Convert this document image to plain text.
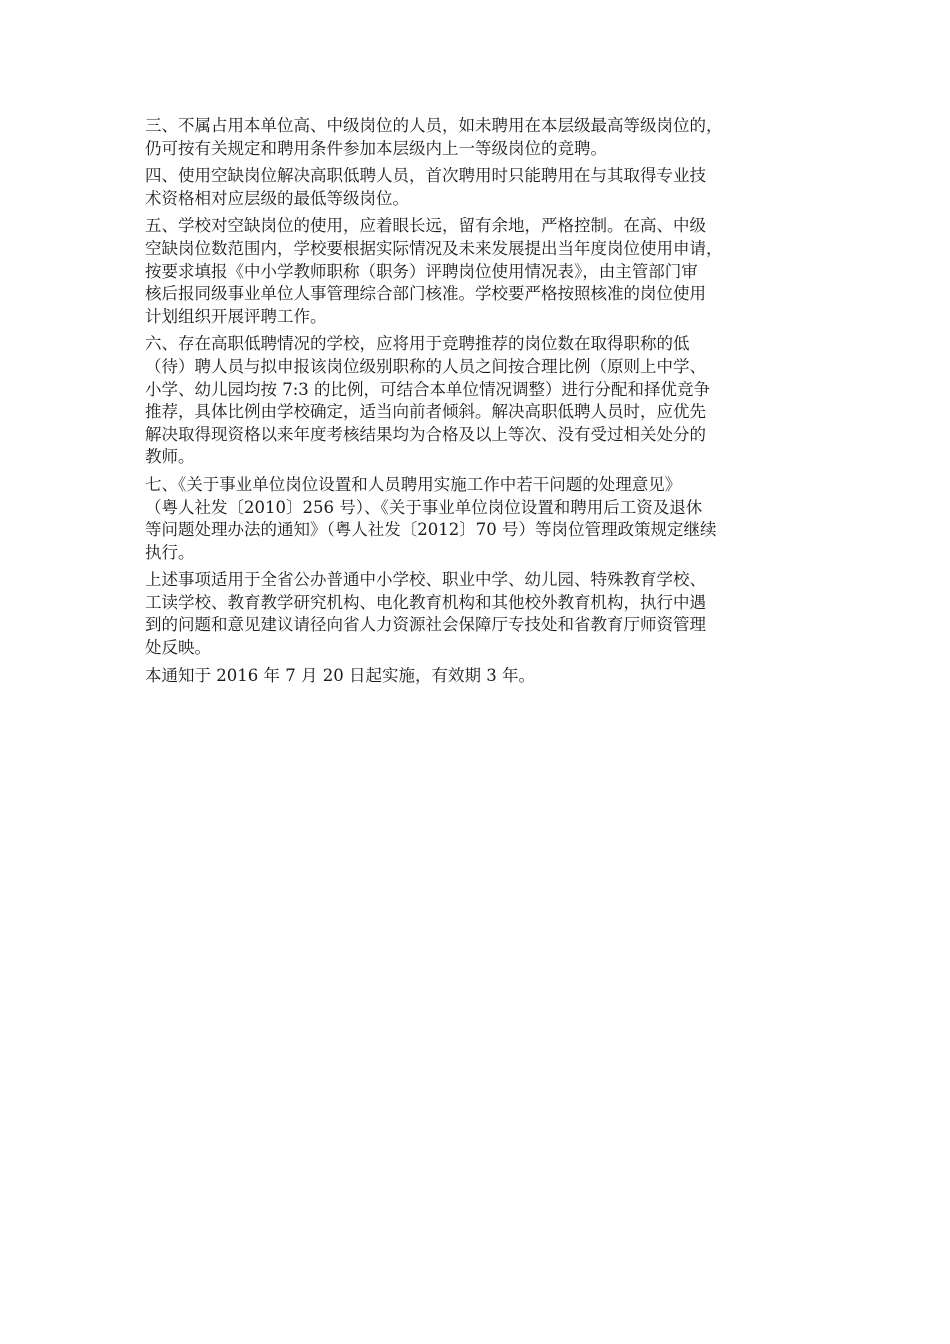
三、不属占用本单位高、中级岗位的人员，如未聘用在本层级最高等级岗位的，
仍可按有关规定和聘用条件参加本层级内上一等级岗位的竞聘。

四、使用空缺岗位解决高职低聘人员，首次聘用时只能聘用在与其取得专业技
术资格相对应层级的最低等级岗位。

五、学校对空缺岗位的使用，应着眼长远，留有余地，严格控制。在高、中级
空缺岗位数范围内，学校要根据实际情况及未来发展提出当年度岗位使用申请，
按要求填报《中小学教师职称（职务）评聘岗位使用情况表》，由主管部门审
核后报同级事业单位人事管理综合部门核准。学校要严格按照核准的岗位使用
计划组织开展评聘工作。

六、存在高职低聘情况的学校，应将用于竞聘推荐的岗位数在取得职称的低
（待）聘人员与拟申报该岗位级别职称的人员之间按合理比例（原则上中学、
小学、幼儿园均按 7:3 的比例，可结合本单位情况调整）进行分配和择优竞争
推荐，具体比例由学校确定，适当向前者倾斜。解决高职低聘人员时，应优先
解决取得现资格以来年度考核结果均为合格及以上等次、没有受过相关处分的
教师。

七、《关于事业单位岗位设置和人员聘用实施工作中若干问题的处理意见》
（粤人社发〔2010〕256 号）、《关于事业单位岗位设置和聘用后工资及退休
等问题处理办法的通知》（粤人社发〔2012〕70 号）等岗位管理政策规定继续
执行。

上述事项适用于全省公办普通中小学校、职业中学、幼儿园、特殊教育学校、
工读学校、教育教学研究机构、电化教育机构和其他校外教育机构，执行中遇
到的问题和意见建议请径向省人力资源社会保障厅专技处和省教育厅师资管理
处反映。

本通知于 2016 年 7 月 20 日起实施，有效期 3 年。
